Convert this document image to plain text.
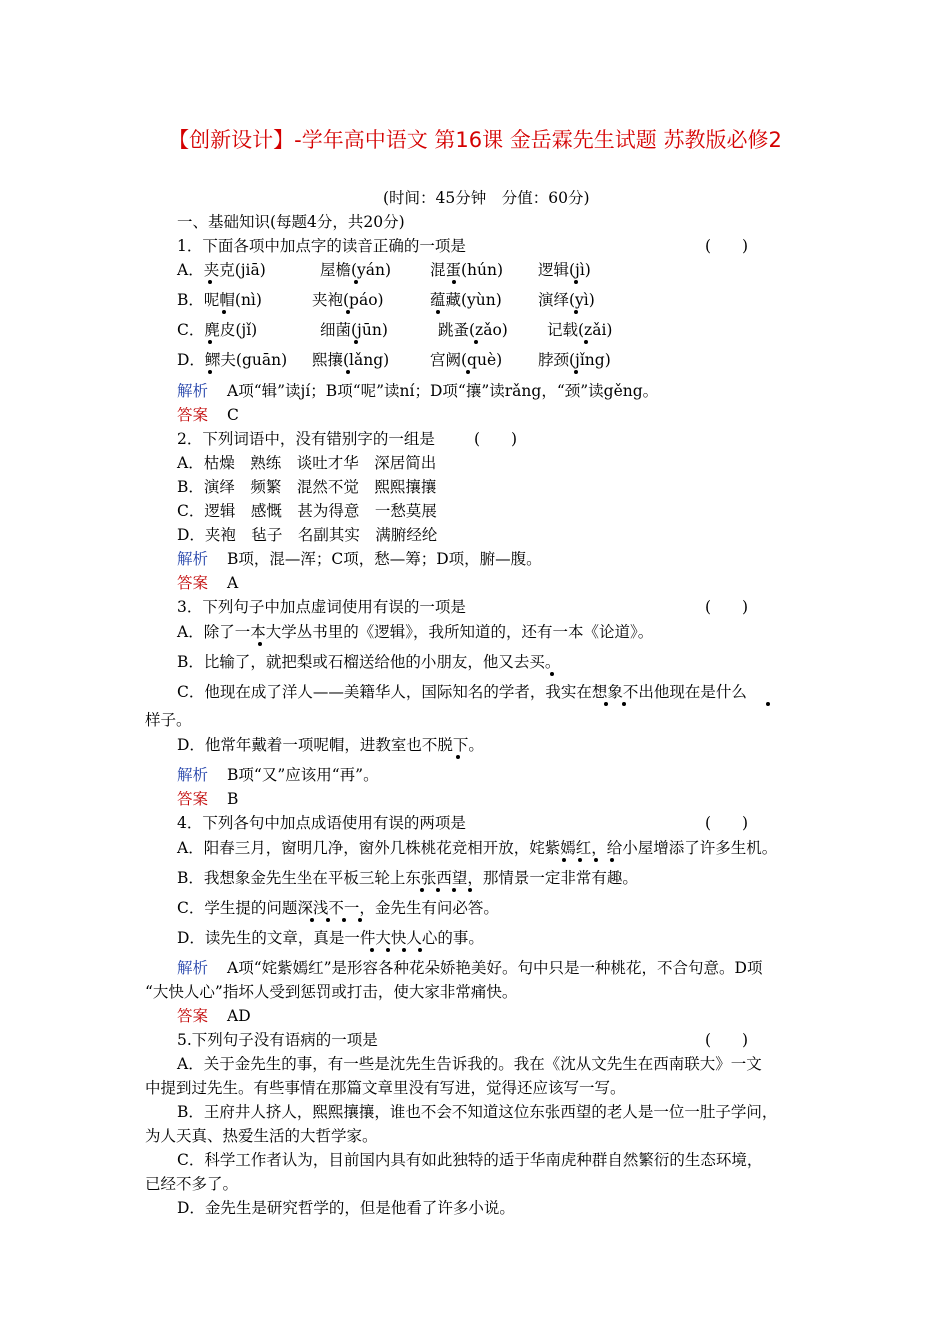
【创新设计】-学年高中语文 第16课 金岳霖先生试题 苏教版必修2
(时间：45分钟　分值：60分)
一、基础知识(每题4分，共20分)
1．下面各项中加点字的读音正确的一项是	(　　)
A．夹克(jiā)	屋檐(yán)	混蛋(hún) 逻辑(jì)
B．呢帽(nì)	夹袍(páo)	蕴藏(yùn) 演绎(yì)
C．麂皮(jǐ)	细菌(jūn)	跳蚤(zǎo)	记载(zǎi)
D．鳏夫(guān) 熙攘(lǎng)	宫阙(què) 脖颈(jǐng)
解析 A项“辑”读jí；B项“呢”读ní；D项“攘”读rǎng，“颈”读gěng。
答案 C
2．下列词语中，没有错别字的一组是	(　　)
A．枯燥　熟练　谈吐才华　深居简出
B．演绎　频繁　混然不觉　熙熙攘攘
C．逻辑　感慨　甚为得意　一愁莫展
D．夹袍　毡子　名副其实　满腑经纶
解析 B项，混—浑；C项，愁—筹；D项，腑—腹。
答案 A
3．下列句子中加点虚词使用有误的一项是	(　　)
A．除了一本大学丛书里的《逻辑》，我所知道的，还有一本《论道》。
B．比输了，就把梨或石榴送给他的小朋友，他又去买。
C．他现在成了洋人——美籍华人，国际知名的学者，我实在想象不出他现在是什么
样子。
D．他常年戴着一项呢帽，进教室也不脱下。
解析 B项“又”应该用“再”。
答案 B
4．下列各句中加点成语使用有误的两项是	(　　)
A．阳春三月，窗明几净，窗外几株桃花竞相开放，姹紫嫣红，给小屋增添了许多生机。
B．我想象金先生坐在平板三轮上东张西望，那情景一定非常有趣。
C．学生提的问题深浅不一，金先生有问必答。
D．读先生的文章，真是一件大快人心的事。
解析 A项“姹紫嫣红”是形容各种花朵娇艳美好。句中只是一种桃花，不合句意。D项
“大快人心”指坏人受到惩罚或打击，使大家非常痛快。
答案 AD
5.下列句子没有语病的一项是	(　　)
A．关于金先生的事，有一些是沈先生告诉我的。我在《沈从文先生在西南联大》一文
中提到过先生。有些事情在那篇文章里没有写进，觉得还应该写一写。
B．王府井人挤人，熙熙攘攘，谁也不会不知道这位东张西望的老人是一位一肚子学问，
为人天真、热爱生活的大哲学家。
C．科学工作者认为，目前国内具有如此独特的适于华南虎种群自然繁衍的生态环境，
已经不多了。
D．金先生是研究哲学的，但是他看了许多小说。
